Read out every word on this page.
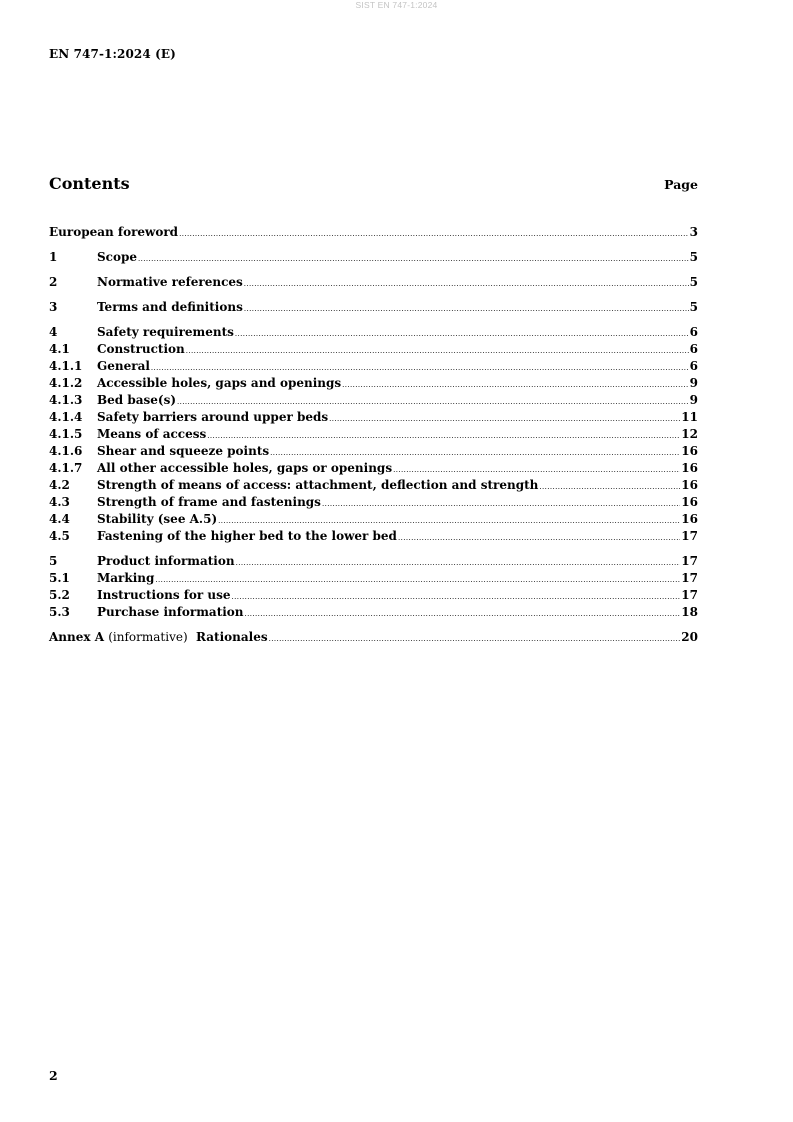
SIST EN 747-1:2024
EN 747-1:2024 (E)
Contents	Page
European foreword .....	3
1	Scope .....	5
2	Normative references .....	5
3	Terms and definitions .....	5
4	Safety requirements .....	6
4.1	Construction .....	6
4.1.1	General .....	6
4.1.2	Accessible holes, gaps and openings .....	9
4.1.3	Bed base(s) .....	9
4.1.4	Safety barriers around upper beds .....	11
4.1.5	Means of access .....	12
4.1.6	Shear and squeeze points .....	16
4.1.7	All other accessible holes, gaps or openings .....	16
4.2	Strength of means of access: attachment, deflection and strength .....	16
4.3	Strength of frame and fastenings .....	16
4.4	Stability (see A.5) .....	16
4.5	Fastening of the higher bed to the lower bed .....	17
5	Product information .....	17
5.1	Marking .....	17
5.2	Instructions for use .....	17
5.3	Purchase information .....	18
Annex A (informative) Rationales .....	20
2
